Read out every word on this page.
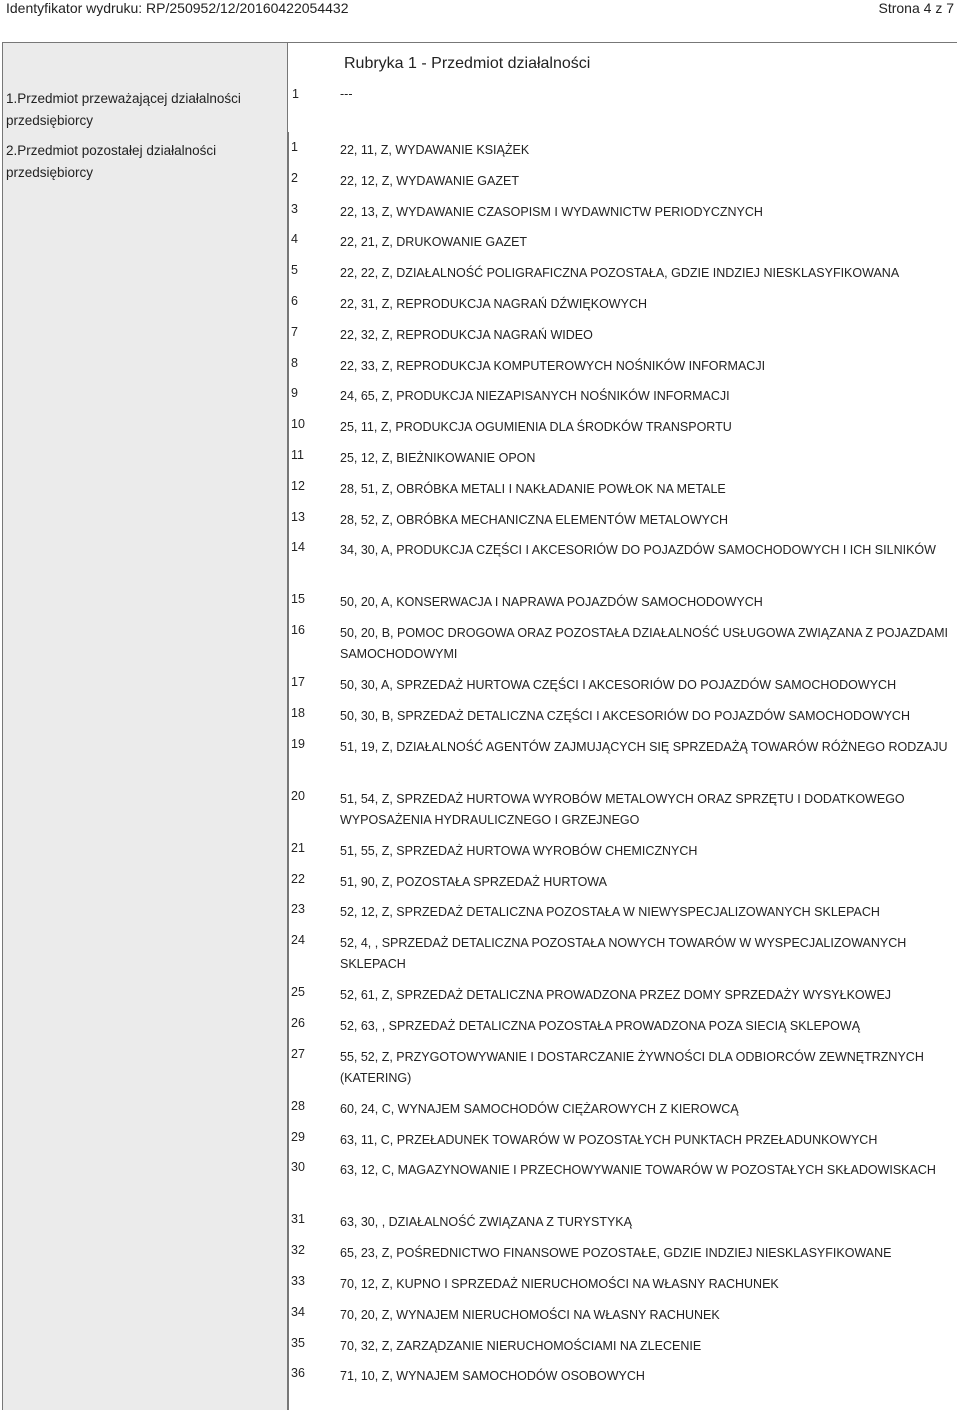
Identyfikator wydruku: RP/250952/12/20160422054432	Strona 4 z 7
Rubryka 1 - Przedmiot działalności
1.Przedmiot przeważającej działalności
przedsiębiorcy
1	---
2.Przedmiot pozostałej działalności
przedsiębiorcy
1	22, 11, Z, WYDAWANIE KSIĄŻEK
2	22, 12, Z, WYDAWANIE GAZET
3	22, 13, Z, WYDAWANIE CZASOPISM I WYDAWNICTW PERIODYCZNYCH
4	22, 21, Z, DRUKOWANIE GAZET
5	22, 22, Z, DZIAŁALNOŚĆ POLIGRAFICZNA POZOSTAŁA, GDZIE INDZIEJ NIESKLASYFIKOWANA
6	22, 31, Z, REPRODUKCJA NAGRAŃ DŹWIĘKOWYCH
7	22, 32, Z, REPRODUKCJA NAGRAŃ WIDEO
8	22, 33, Z, REPRODUKCJA KOMPUTEROWYCH NOŚNIKÓW INFORMACJI
9	24, 65, Z, PRODUKCJA NIEZAPISANYCH NOŚNIKÓW INFORMACJI
10	25, 11, Z, PRODUKCJA OGUMIENIA DLA ŚRODKÓW TRANSPORTU
11	25, 12, Z, BIEŻNIKOWANIE OPON
12	28, 51, Z, OBRÓBKA METALI I NAKŁADANIE POWŁOK NA METALE
13	28, 52, Z, OBRÓBKA MECHANICZNA ELEMENTÓW METALOWYCH
14	34, 30, A, PRODUKCJA CZĘŚCI I AKCESORIÓW DO POJAZDÓW SAMOCHODOWYCH I ICH SILNIKÓW
15	50, 20, A, KONSERWACJA I NAPRAWA POJAZDÓW SAMOCHODOWYCH
16	50, 20, B, POMOC DROGOWA ORAZ POZOSTAŁA DZIAŁALNOŚĆ USŁUGOWA ZWIĄZANA Z POJAZDAMI SAMOCHODOWYMI
17	50, 30, A, SPRZEDAŻ HURTOWA CZĘŚCI I AKCESORIÓW DO POJAZDÓW SAMOCHODOWYCH
18	50, 30, B, SPRZEDAŻ DETALICZNA CZĘŚCI I AKCESORIÓW DO POJAZDÓW SAMOCHODOWYCH
19	51, 19, Z, DZIAŁALNOŚĆ AGENTÓW ZAJMUJĄCYCH SIĘ SPRZEDAŻĄ TOWARÓW RÓŻNEGO RODZAJU
20	51, 54, Z, SPRZEDAŻ HURTOWA WYROBÓW METALOWYCH ORAZ SPRZĘTU I DODATKOWEGO WYPOSAŻENIA HYDRAULICZNEGO I GRZEJNEGO
21	51, 55, Z, SPRZEDAŻ HURTOWA WYROBÓW CHEMICZNYCH
22	51, 90, Z, POZOSTAŁA SPRZEDAŻ HURTOWA
23	52, 12, Z, SPRZEDAŻ DETALICZNA POZOSTAŁA W NIEWYSPECJALIZOWANYCH SKLEPACH
24	52, 4, , SPRZEDAŻ DETALICZNA POZOSTAŁA NOWYCH TOWARÓW W WYSPECJALIZOWANYCH SKLEPACH
25	52, 61, Z, SPRZEDAŻ DETALICZNA PROWADZONA PRZEZ DOMY SPRZEDAŻY WYSYŁKOWEJ
26	52, 63, , SPRZEDAŻ DETALICZNA POZOSTAŁA PROWADZONA POZA SIECIĄ SKLEPOWĄ
27	55, 52, Z, PRZYGOTOWYWANIE I DOSTARCZANIE ŻYWNOŚCI DLA ODBIORCÓW ZEWNĘTRZNYCH (KATERING)
28	60, 24, C, WYNAJEM SAMOCHODÓW CIĘŻAROWYCH Z KIEROWCĄ
29	63, 11, C, PRZEŁADUNEK TOWARÓW W POZOSTAŁYCH PUNKTACH PRZEŁADUNKOWYCH
30	63, 12, C, MAGAZYNOWANIE I PRZECHOWYWANIE TOWARÓW W POZOSTAŁYCH SKŁADOWISKACH
31	63, 30, , DZIAŁALNOŚĆ ZWIĄZANA Z TURYSTYKĄ
32	65, 23, Z, POŚREDNICTWO FINANSOWE POZOSTAŁE, GDZIE INDZIEJ NIESKLASYFIKOWANE
33	70, 12, Z, KUPNO I SPRZEDAŻ NIERUCHOMOŚCI NA WŁASNY RACHUNEK
34	70, 20, Z, WYNAJEM NIERUCHOMOŚCI NA WŁASNY RACHUNEK
35	70, 32, Z, ZARZĄDZANIE NIERUCHOMOŚCIAMI NA ZLECENIE
36	71, 10, Z, WYNAJEM SAMOCHODÓW OSOBOWYCH
